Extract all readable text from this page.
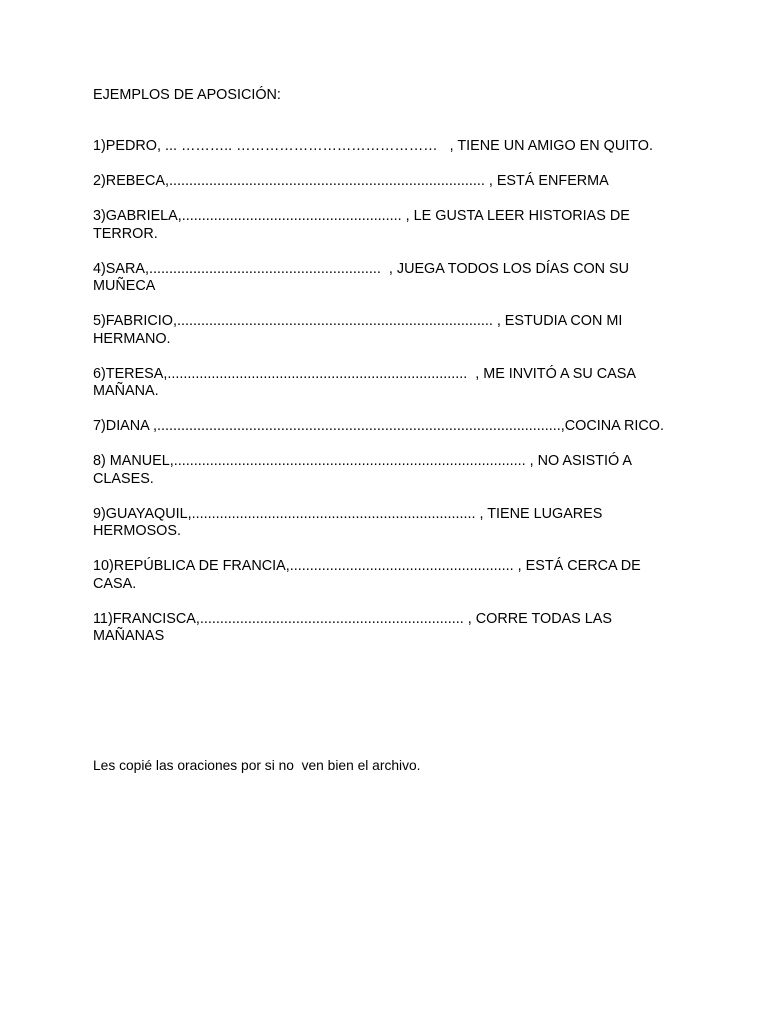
EJEMPLOS DE APOSICIÓN:
1)PEDRO, ... ……….. ……………………………………   , TIENE UN AMIGO EN QUITO.
2)REBECA,............................................................................... , ESTÁ ENFERMA
3)GABRIELA,....................................................... , LE GUSTA LEER HISTORIAS DE TERROR.
4)SARA,..........................................................  , JUEGA TODOS LOS DÍAS CON SU MUÑECA
5)FABRICIO,............................................................................... , ESTUDIA CON MI HERMANO.
6)TERESA,...........................................................................  , ME INVITÓ A SU CASA MAÑANA.
7)DIANA ,.....................................................................................................,COCINA RICO.
8) MANUEL,........................................................................................ , NO ASISTIÓ A CLASES.
9)GUAYAQUIL,....................................................................... , TIENE LUGARES HERMOSOS.
10)REPÚBLICA DE FRANCIA,........................................................ , ESTÁ CERCA DE CASA.
11)FRANCISCA,.................................................................. , CORRE TODAS LAS MAÑANAS
Les copié las oraciones por si no  ven bien el archivo.
